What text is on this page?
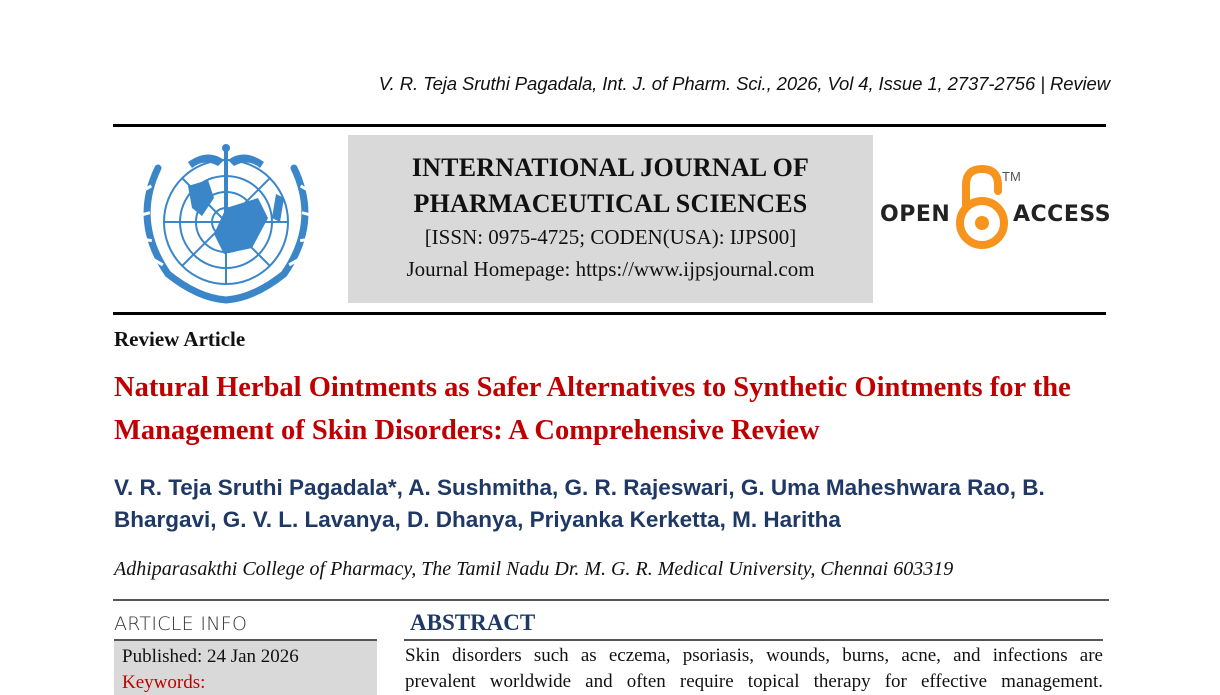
V. R. Teja Sruthi Pagadala, Int. J. of Pharm. Sci., 2026, Vol 4, Issue 1, 2737-2756 | Review
INTERNATIONAL JOURNAL OF
PHARMACEUTICAL SCIENCES
[ISSN: 0975-4725; CODEN(USA): IJPS00]
Journal Homepage: https://www.ijpsjournal.com
OPEN
TM
ACCESS
Review Article
Natural Herbal Ointments as Safer Alternatives to Synthetic Ointments for the Management of Skin Disorders: A Comprehensive Review
V. R. Teja Sruthi Pagadala*, A. Sushmitha, G. R. Rajeswari, G. Uma Maheshwara Rao, B. Bhargavi, G. V. L. Lavanya, D. Dhanya, Priyanka Kerketta, M. Haritha
Adhiparasakthi College of Pharmacy, The Tamil Nadu Dr. M. G. R. Medical University, Chennai 603319
ARTICLE INFO
Published: 24 Jan 2026
Keywords:
ABSTRACT
Skin disorders such as eczema, psoriasis, wounds, burns, acne, and infections are
prevalent worldwide and often require topical therapy for effective management.
